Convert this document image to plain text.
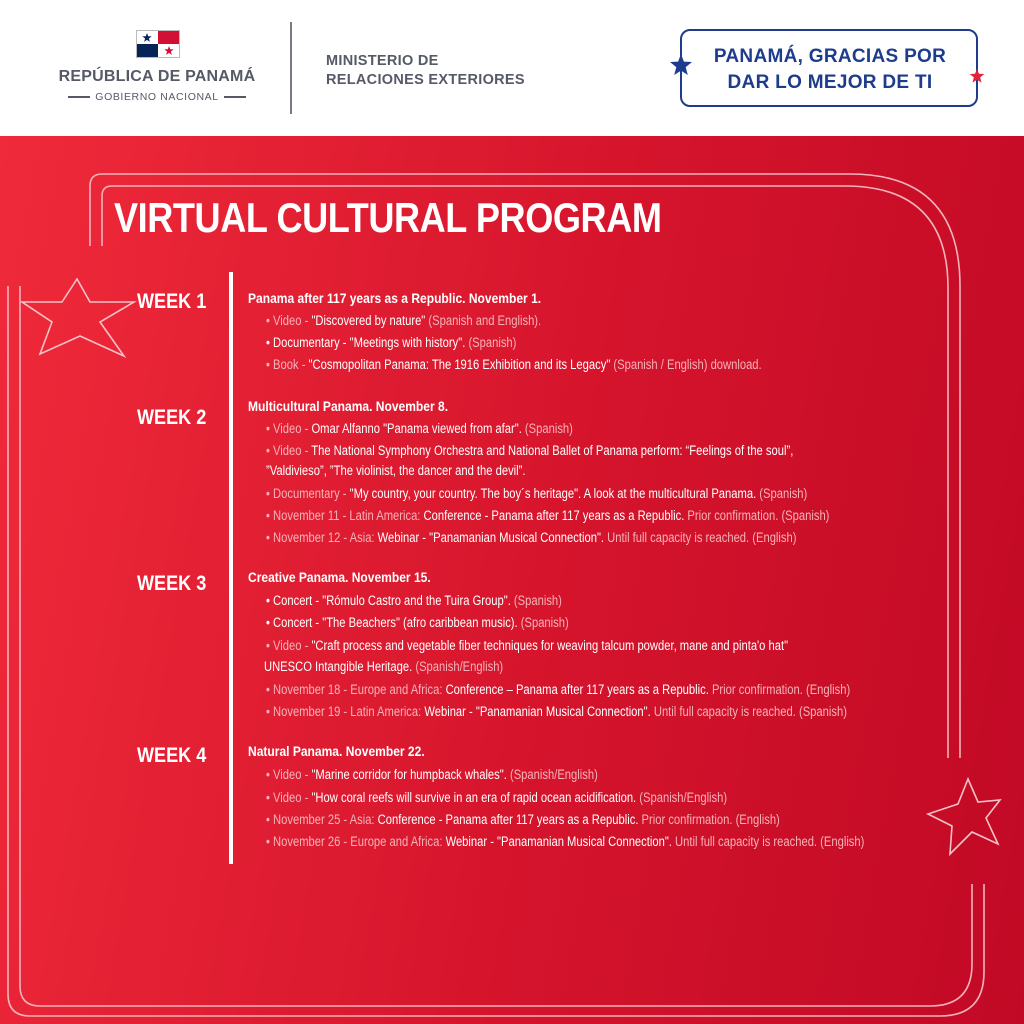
REPÚBLICA DE PANAMÁ
GOBIERNO NACIONAL
MINISTERIO DE
RELACIONES EXTERIORES
PANAMÁ, GRACIAS POR
DAR LO MEJOR DE TI
VIRTUAL CULTURAL PROGRAM
WEEK 1	Panama after 117 years as a Republic. November 1.
• Video - "Discovered by nature" (Spanish and English).
• Documentary - "Meetings with history". (Spanish)
• Book - "Cosmopolitan Panama: The 1916 Exhibition and its Legacy" (Spanish / English) download.
WEEK 2	Multicultural Panama. November 8.
• Video - Omar Alfanno "Panama viewed from afar". (Spanish)
• Video - The National Symphony Orchestra and National Ballet of Panama perform: “Feelings of the soul”,
”Valdivieso”, ”The violinist, the dancer and the devil”.
• Documentary - "My country, your country. The boy´s heritage". A look at the multicultural Panama. (Spanish)
• November 11 - Latin America: Conference - Panama after 117 years as a Republic. Prior confirmation. (Spanish)
• November 12 - Asia: Webinar - "Panamanian Musical Connection". Until full capacity is reached. (English)
WEEK 3	Creative Panama. November 15.
• Concert - "Rómulo Castro and the Tuira Group". (Spanish)
• Concert - "The Beachers" (afro caribbean music). (Spanish)
• Video - "Craft process and vegetable fiber techniques for weaving talcum powder, mane and pinta'o hat"
UNESCO Intangible Heritage. (Spanish/English)
• November 18 - Europe and Africa: Conference – Panama after 117 years as a Republic. Prior confirmation. (English)
• November 19 - Latin America: Webinar - "Panamanian Musical Connection". Until full capacity is reached. (Spanish)
WEEK 4	Natural Panama. November 22.
• Video - "Marine corridor for humpback whales". (Spanish/English)
• Video - "How coral reefs will survive in an era of rapid ocean acidification. (Spanish/English)
• November 25 - Asia: Conference - Panama after 117 years as a Republic. Prior confirmation. (English)
• November 26 - Europe and Africa: Webinar - "Panamanian Musical Connection". Until full capacity is reached. (English)
